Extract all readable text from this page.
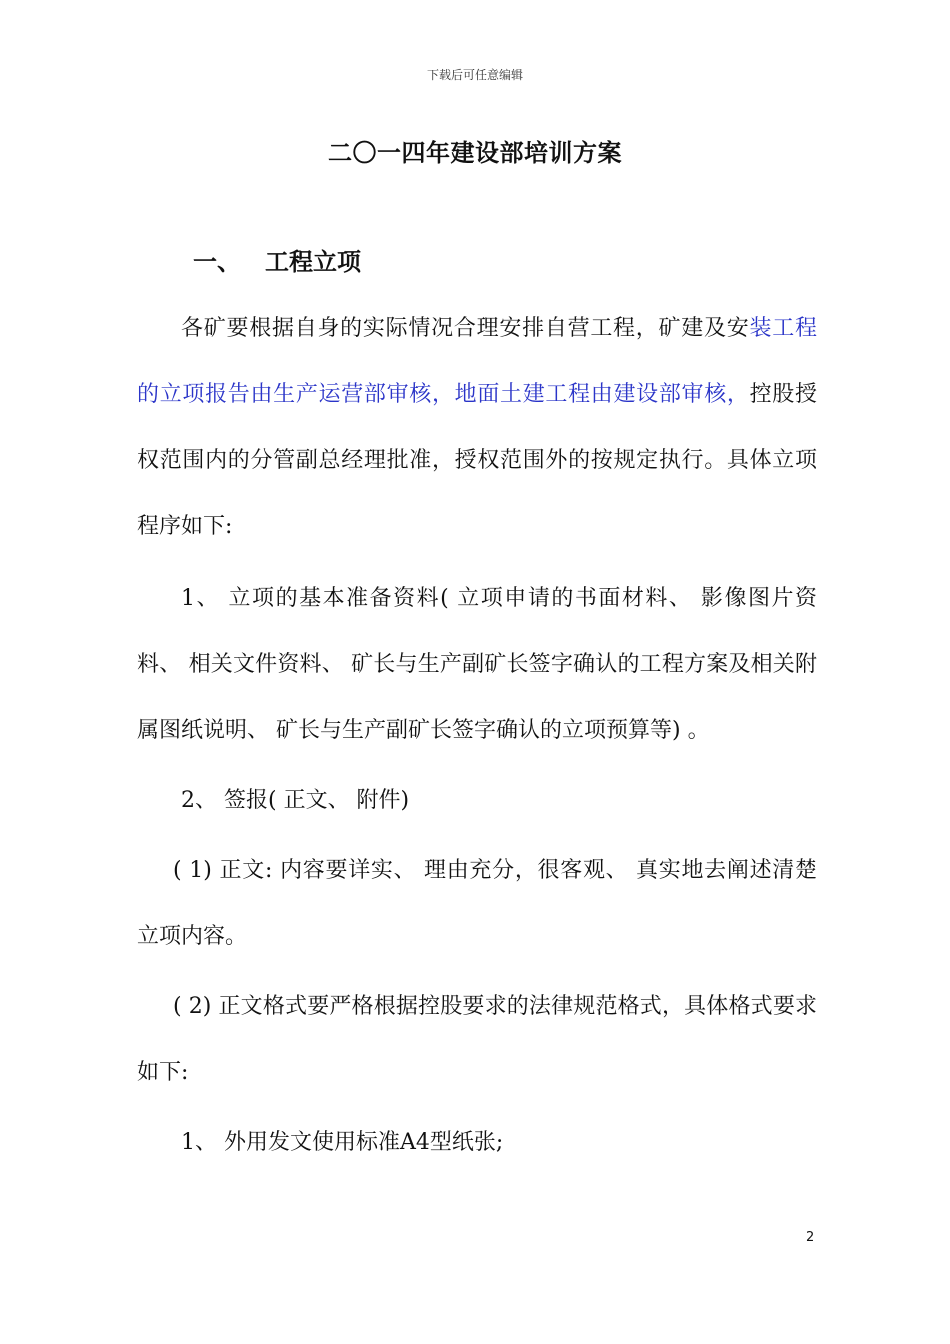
下载后可任意编辑
二〇一四年建设部培训方案
一、 工程立项

各矿要根据自身的实际情况合理安排自营工程，矿建及安装工程的立项报告由生产运营部审核，地面土建工程由建设部审核，控股授权范围内的分管副总经理批准，授权范围外的按规定执行。具体立项程序如下:

1、 立项的基本准备资料( 立项申请的书面材料、 影像图片资料、 相关文件资料、 矿长与生产副矿长签字确认的工程方案及相关附属图纸说明、 矿长与生产副矿长签字确认的立项预算等) 。

2、 签报( 正文、 附件)

( 1) 正文: 内容要详实、 理由充分，很客观、 真实地去阐述清楚立项内容。

( 2) 正文格式要严格根据控股要求的法律规范格式，具体格式要求如下:

1、 外用发文使用标准A4型纸张;

2
